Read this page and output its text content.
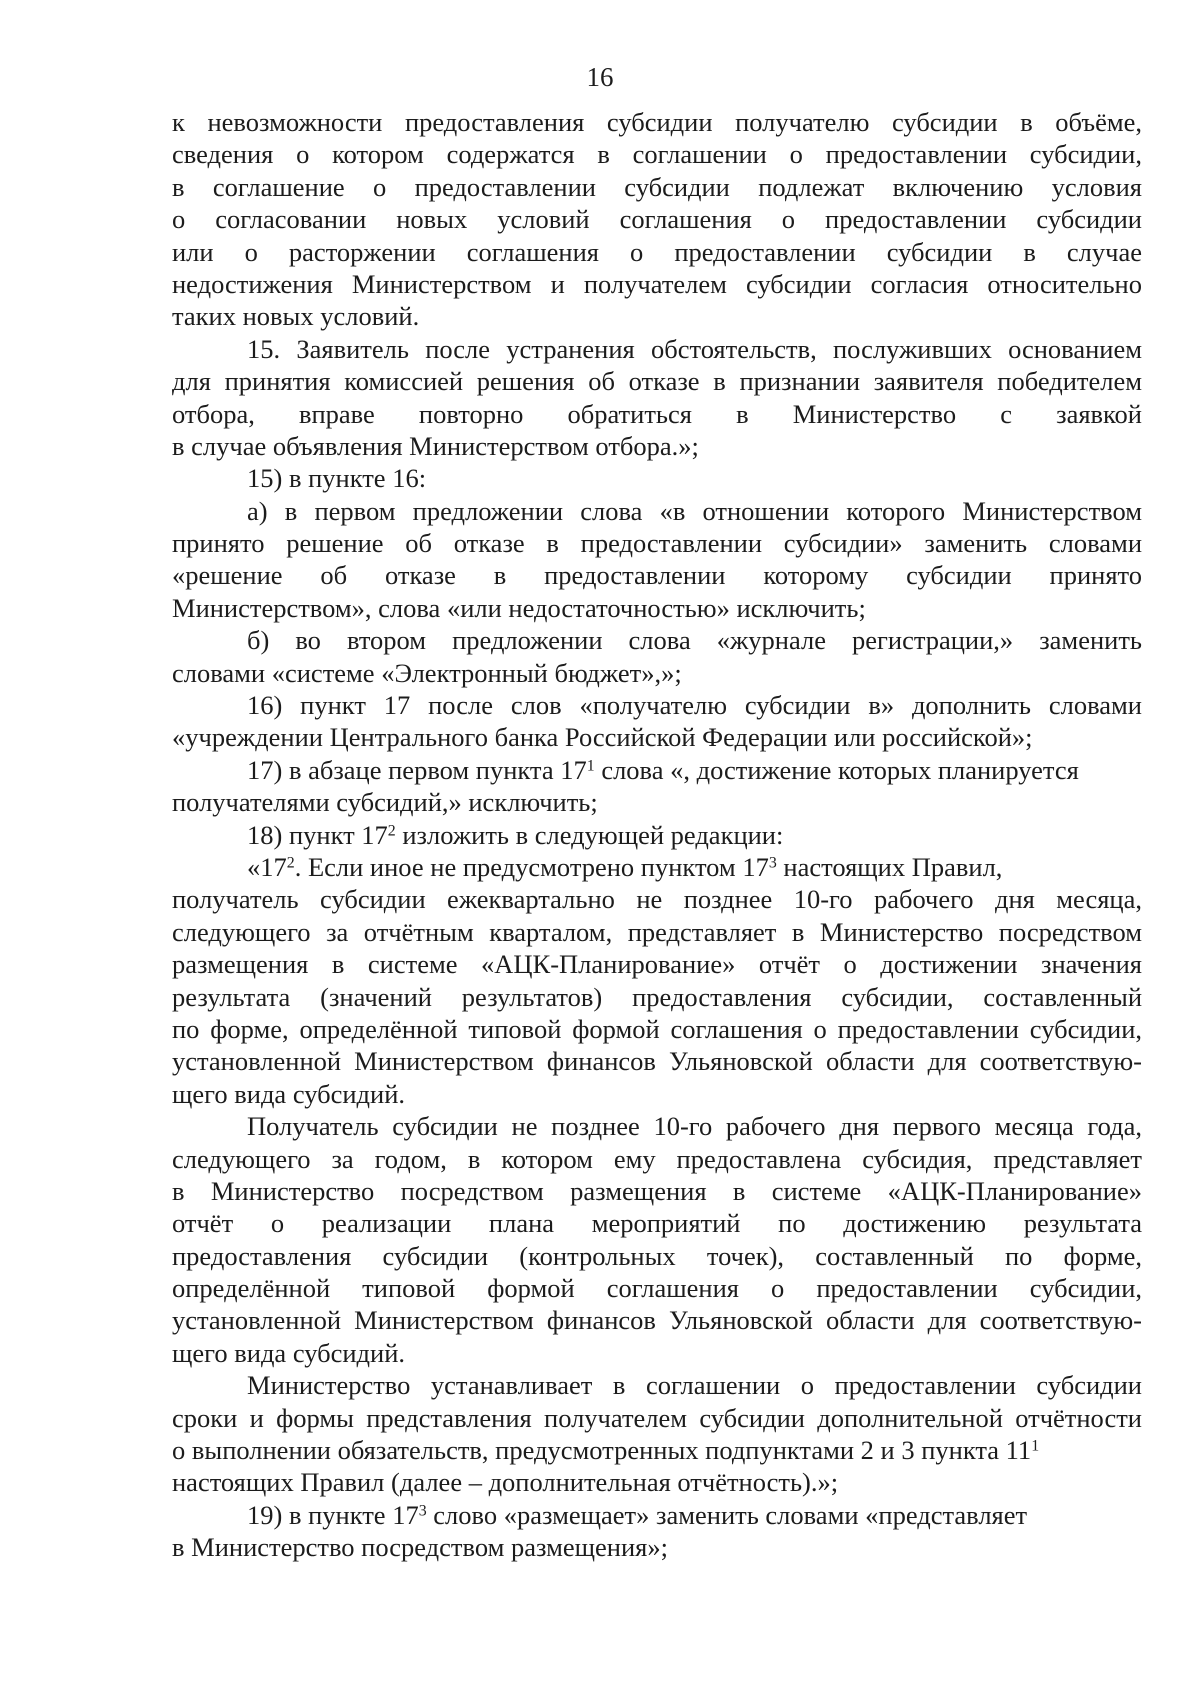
16
к невозможности предоставления субсидии получателю субсидии в объёме,
сведения о котором содержатся в соглашении о предоставлении субсидии,
в соглашение о предоставлении субсидии подлежат включению условия
о согласовании новых условий соглашения о предоставлении субсидии
или о расторжении соглашения о предоставлении субсидии в случае
недостижения Министерством и получателем субсидии согласия относительно
таких новых условий.
15. Заявитель после устранения обстоятельств, послуживших основанием
для принятия комиссией решения об отказе в признании заявителя победителем
отбора, вправе повторно обратиться в Министерство с заявкой
в случае объявления Министерством отбора.»;
15) в пункте 16:
а) в первом предложении слова «в отношении которого Министерством
принято решение об отказе в предоставлении субсидии» заменить словами
«решение об отказе в предоставлении которому субсидии принято
Министерством», слова «или недостаточностью» исключить;
б) во втором предложении слова «журнале регистрации,» заменить
словами «системе «Электронный бюджет»,»;
16) пункт 17 после слов «получателю субсидии в» дополнить словами
«учреждении Центрального банка Российской Федерации или российской»;
17) в абзаце первом пункта $17^1$ слова «, достижение которых планируется
получателями субсидий,» исключить;
18) пункт $17^2$ изложить в следующей редакции:
«$17^2$. Если иное не предусмотрено пунктом $17^3$ настоящих Правил,
получатель субсидии ежеквартально не позднее 10-го рабочего дня месяца,
следующего за отчётным кварталом, представляет в Министерство посредством
размещения в системе «АЦК-Планирование» отчёт о достижении значения
результата (значений результатов) предоставления субсидии, составленный
по форме, определённой типовой формой соглашения о предоставлении субсидии,
установленной Министерством финансов Ульяновской области для соответствую-
щего вида субсидий.
Получатель субсидии не позднее 10-го рабочего дня первого месяца года,
следующего за годом, в котором ему предоставлена субсидия, представляет
в Министерство посредством размещения в системе «АЦК-Планирование»
отчёт о реализации плана мероприятий по достижению результата
предоставления субсидии (контрольных точек), составленный по форме,
определённой типовой формой соглашения о предоставлении субсидии,
установленной Министерством финансов Ульяновской области для соответствую-
щего вида субсидий.
Министерство устанавливает в соглашении о предоставлении субсидии
сроки и формы представления получателем субсидии дополнительной отчётности
о выполнении обязательств, предусмотренных подпунктами 2 и 3 пункта $11^1$
настоящих Правил (далее – дополнительная отчётность).»;
19) в пункте $17^3$ слово «размещает» заменить словами «представляет
в Министерство посредством размещения»;
